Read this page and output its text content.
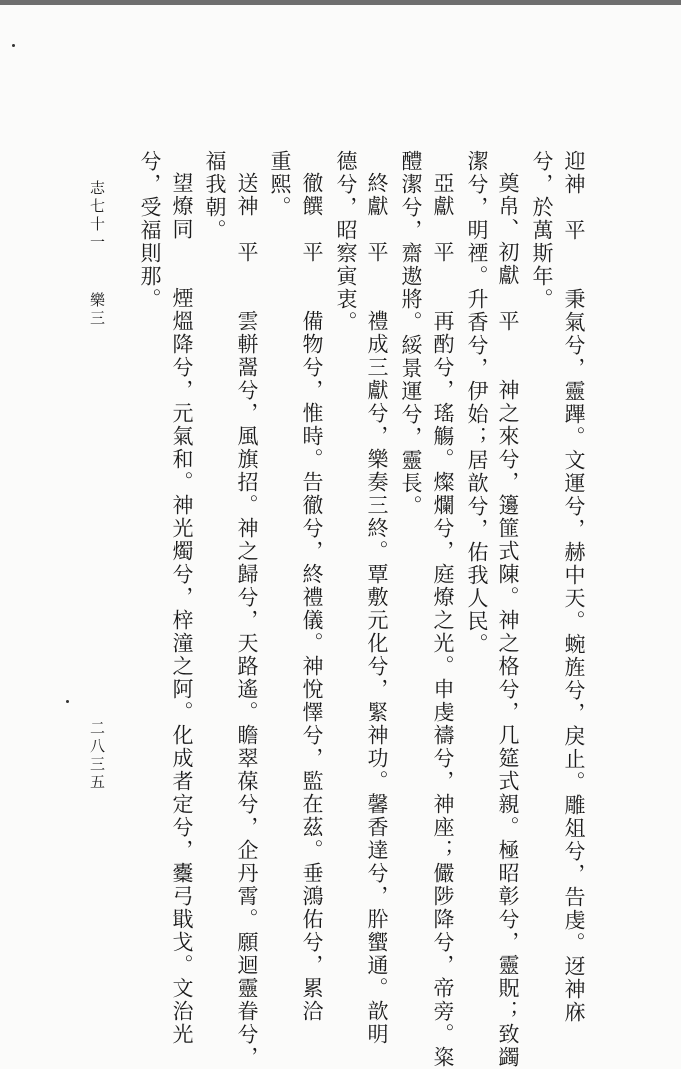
迎神　平　　秉氣兮，靈蹕。文運兮，赫中天。蜿旌兮，戾止。雕俎兮，告虔。迓神庥
兮，於萬斯年。
奠帛、初獻　平　　神之來兮，籩篚式陳。神之格兮，几筵式親。極昭彰兮，靈貺；致蠲
潔兮，明禋。升香兮，伊始；居歆兮，佑我人民。
亞獻　平　　再酌兮，瑤觴。燦爛兮，庭燎之光。申虔禱兮，神座；儼陟降兮，帝旁。粢
醴潔兮，齋遨將。綏景運兮，靈長。
終獻　平　　禮成三獻兮，樂奏三終。覃敷元化兮，緊神功。馨香達兮，肸蠁通。歆明
德兮，昭察寅衷。
徹饌　平　　備物兮，惟時。告徹兮，終禮儀。神悅懌兮，監在茲。垂鴻佑兮，累洽
重熙。
送神　平　　雲軿翯兮，風旗招。神之歸兮，天路遙。瞻翠葆兮，企丹霄。願迴靈眷兮，
福我朝。
望燎同　　煙熅降兮，元氣和。神光燭兮，梓潼之阿。化成者定兮，櫜弓戢戈。文治光
兮，受福則那。
志七十一
樂三
二八三五
